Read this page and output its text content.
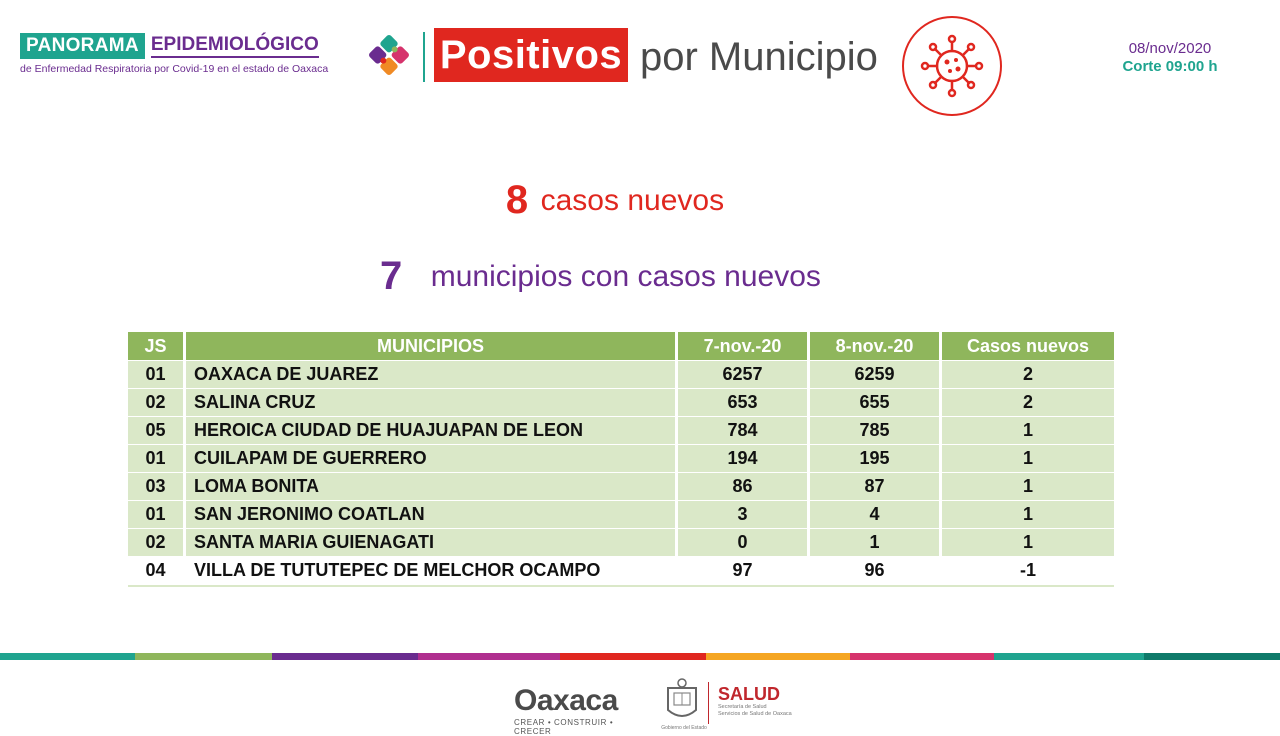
PANORAMA EPIDEMIOLÓGICO
de Enfermedad Respiratoria por Covid-19 en el estado de Oaxaca	Positivos por Municipio	08/nov/2020
Corte 09:00 h
8 casos nuevos
7 municipios con casos nuevos
JS	MUNICIPIOS	7-nov.-20	8-nov.-20	Casos nuevos
01	OAXACA DE JUAREZ	6257	6259	2
02	SALINA CRUZ	653	655	2
05	HEROICA CIUDAD DE HUAJUAPAN DE LEON	784	785	1
01	CUILAPAM DE GUERRERO	194	195	1
03	LOMA BONITA	86	87	1
01	SAN JERONIMO COATLAN	3	4	1
02	SANTA MARIA GUIENAGATI	0	1	1
04	VILLA DE TUTUTEPEC DE MELCHOR OCAMPO	97	96	-1
Oaxaca
CREAR • CONSTRUIR • CRECER	Gobierno del Estado
SALUD
Secretaría de Salud
Servicios de Salud de Oaxaca
